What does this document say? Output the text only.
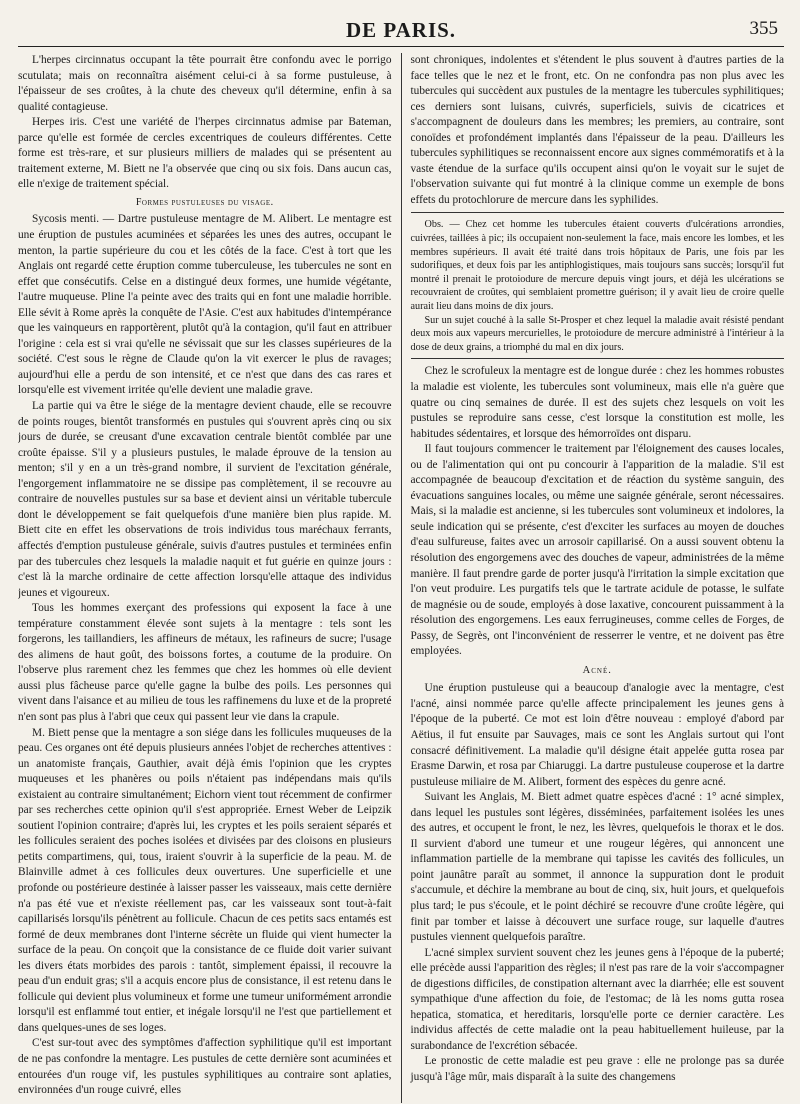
DE PARIS.	355

L'herpes circinnatus occupant la tête pourrait être confondu avec le porrigo scutulata; mais on reconnaîtra aisément celui-ci à sa forme pustuleuse, à l'épaisseur de ses croûtes, à la chute des cheveux qu'il détermine, enfin à sa qualité contagieuse.

Herpes iris. C'est une variété de l'herpes circinnatus admise par Bateman, parce qu'elle est formée de cercles excentriques de couleurs différentes. Cette forme est très-rare, et sur plusieurs milliers de malades qui se présentent au traitement externe, M. Biett ne l'a observée que cinq ou six fois. Dans aucun cas, elle n'exige de traitement spécial.

Formes pustuleuses du visage.

Sycosis menti. — Dartre pustuleuse mentagre de M. Alibert. Le mentagre est une éruption de pustules acuminées et séparées les unes des autres, occupant le menton, la partie supérieure du cou et les côtés de la face. C'est à tort que les Anglais ont regardé cette éruption comme tuberculeuse, les tubercules ne sont en effet que consécutifs. Celse en a distingué deux formes, une humide végétante, l'autre muqueuse. Pline l'a peinte avec des traits qui en font une maladie horrible. Elle sévit à Rome après la conquête de l'Asie. C'est aux habitudes d'intempérance que les vainqueurs en rapportèrent, plutôt qu'à la contagion, qu'il faut en attribuer l'origine : cela est si vrai qu'elle ne sévissait que sur les classes supérieures de la société. C'est sous le règne de Claude qu'on la vit exercer le plus de ravages; aujourd'hui elle a perdu de son intensité, et ce n'est que dans des cas rares et lorsqu'elle est vivement irritée qu'elle devient une maladie grave.

La partie qui va être le siége de la mentagre devient chaude, elle se recouvre de points rouges, bientôt transformés en pustules qui s'ouvrent après cinq ou six jours de durée, se creusant d'une excavation centrale bientôt comblée par une croûte épaisse. S'il y a plusieurs pustules, le malade éprouve de la tension au menton; s'il y en a un très-grand nombre, il survient de l'excitation générale, l'engorgement inflammatoire ne se dissipe pas complètement, il se recouvre au contraire de nouvelles pustules sur sa base et devient ainsi un véritable tubercule dont le développement se fait quelquefois d'une manière bien plus rapide. M. Biett cite en effet les observations de trois individus tous maréchaux ferrants, affectés d'emption pustuleuse générale, suivis d'autres pustules et terminées enfin par des tubercules chez lesquels la maladie naquit et fut guérie en quinze jours : c'est là la marche ordinaire de cette affection lorsqu'elle attaque des individus jeunes et vigoureux.

Tous les hommes exerçant des professions qui exposent la face à une température constamment élevée sont sujets à la mentagre : tels sont les forgerons, les taillandiers, les affineurs de métaux, les rafineurs de sucre; l'usage des alimens de haut goût, des boissons fortes, a coutume de la produire. On l'observe plus rarement chez les femmes que chez les hommes où elle devient aussi plus fâcheuse parce qu'elle gagne la bulbe des poils. Les personnes qui vivent dans l'aisance et au milieu de tous les raffinemens du luxe et de la propreté n'en sont pas plus à l'abri que ceux qui passent leur vie dans la crapule.

M. Biett pense que la mentagre a son siége dans les follicules muqueuses de la peau. Ces organes ont été depuis plusieurs années l'objet de recherches attentives : un anatomiste français, Gauthier, avait déjà émis l'opinion que les cryptes muqueuses et les phanères ou poils n'étaient pas indépendans mais qu'ils existaient au contraire simultanément; Eichorn vient tout récemment de confirmer par ses recherches cette opinion qu'il s'est appropriée. Ernest Weber de Leipzik soutient l'opinion contraire; d'après lui, les cryptes et les poils seraient séparés et les follicules seraient des poches isolées et divisées par des cloisons en plusieurs petits compartimens, qui, tous, iraient s'ouvrir à la superficie de la peau. M. de Blainville admet à ces follicules deux ouvertures. Une superficielle et une profonde ou postérieure destinée à laisser passer les vaisseaux, mais cette dernière n'a pas été vue et n'existe réellement pas, car les vaisseaux sont tout-à-fait capillarisés lorsqu'ils pénètrent au follicule. Chacun de ces petits sacs entamés est formé de deux membranes dont l'interne sécrète un fluide qui vient humecter la surface de la peau. On conçoit que la consistance de ce fluide doit varier suivant les divers états morbides des parois : tantôt, simplement épaissi, il recouvre la peau d'un enduit gras; s'il a acquis encore plus de consistance, il est retenu dans le follicule qui devient plus volumineux et forme une tumeur uniformément arrondie lorsqu'il est enflammé tout entier, et inégale lorsqu'il ne l'est que partiellement et dans quelques-unes de ses loges.

C'est sur-tout avec des symptômes d'affection syphilitique qu'il est important de ne pas confondre la mentagre. Les pustules de cette dernière sont acuminées et entourées d'un rouge vif, les pustules syphilitiques au contraire sont aplaties, environnées d'un rouge cuivré, elles

sont chroniques, indolentes et s'étendent le plus souvent à d'autres parties de la face telles que le nez et le front, etc. On ne confondra pas non plus avec les tubercules qui succèdent aux pustules de la mentagre les tubercules syphilitiques; ces derniers sont luisans, cuivrés, superficiels, suivis de cicatrices et s'accompagnent de douleurs dans les membres; les premiers, au contraire, sont conoïdes et profondément implantés dans l'épaisseur de la peau. D'ailleurs les tubercules syphilitiques se reconnaissent encore aux signes commémoratifs et à la vaste étendue de la surface qu'ils occupent ainsi qu'on le voyait sur le sujet de l'observation suivante qui fut montré à la clinique comme un exemple de bons effets du protochlorure de mercure dans les syphilides.

Obs. — Chez cet homme les tubercules étaient couverts d'ulcérations arrondies, cuivrées, taillées à pic; ils occupaient non-seulement la face, mais encore les lombes, et les membres supérieurs. Il avait été traité dans trois hôpitaux de Paris, une fois par les sudorifiques, et deux fois par les antiphlogistiques, mais toujours sans succès; lorsqu'il fut montré il prenait le protoiodure de mercure depuis vingt jours, et déjà les ulcérations se recouvraient de croûtes, qui semblaient promettre guérison; il y avait lieu de croire quelle aurait lieu dans moins de dix jours.

Sur un sujet couché à la salle St-Prosper et chez lequel la maladie avait résisté pendant deux mois aux vapeurs mercurielles, le protoiodure de mercure administré à l'intérieur à la dose de deux grains, a triomphé du mal en dix jours.

Chez le scrofuleux la mentagre est de longue durée : chez les hommes robustes la maladie est violente, les tubercules sont volumineux, mais elle n'a guère que quatre ou cinq semaines de durée. Il est des sujets chez lesquels on voit les pustules se reproduire sans cesse, c'est lorsque la constitution est molle, les habitudes sédentaires, et lorsque des hémorroïdes ont disparu.

Il faut toujours commencer le traitement par l'éloignement des causes locales, ou de l'alimentation qui ont pu concourir à l'apparition de la maladie. S'il est accompagnée de beaucoup d'excitation et de réaction du système sanguin, des évacuations sanguines locales, ou même une saignée générale, seront nécessaires. Mais, si la maladie est ancienne, si les tubercules sont volumineux et indolores, la seule indication qui se présente, c'est d'exciter les surfaces au moyen de douches d'eau sulfureuse, faites avec un arrosoir capillarisé. On a aussi souvent obtenu la résolution des engorgemens avec des douches de vapeur, administrées de la même manière. Il faut prendre garde de porter jusqu'à l'irritation la simple excitation que l'on veut produire. Les purgatifs tels que le tartrate acidule de potasse, le sulfate de magnésie ou de soude, employés à dose laxative, concourent puissamment à la résolution des engorgemens. Les eaux ferrugineuses, comme celles de Forges, de Passy, de Segrès, ont l'inconvénient de resserrer le ventre, et ne doivent pas être employées.

Acné.

Une éruption pustuleuse qui a beaucoup d'analogie avec la mentagre, c'est l'acné, ainsi nommée parce qu'elle affecte principalement les jeunes gens à l'époque de la puberté. Ce mot est loin d'être nouveau : employé d'abord par Aëtius, il fut ensuite par Sauvages, mais ce sont les Anglais surtout qui l'ont consacré définitivement. La maladie qu'il désigne était appelée gutta rosea par Erasme Darwin, et rosa par Chiaruggi. La dartre pustuleuse couperose et la dartre pustuleuse miliaire de M. Alibert, forment des espèces du genre acné.

Suivant les Anglais, M. Biett admet quatre espèces d'acné : 1° acné simplex, dans lequel les pustules sont légères, disséminées, parfaitement isolées les unes des autres, et occupent le front, le nez, les lèvres, quelquefois le thorax et le dos. Il survient d'abord une tumeur et une rougeur légères, qui annoncent une inflammation partielle de la membrane qui tapisse les cavités des follicules, un point jaunâtre paraît au sommet, il annonce la suppuration dont le produit s'accumule, et déchire la membrane au bout de cinq, six, huit jours, et quelquefois plus tard; le pus s'écoule, et le point déchiré se recouvre d'une croûte légère, qui finit par tomber et laisse à découvert une surface rouge, sur laquelle d'autres pustules viennent quelquefois paraître.

L'acné simplex survient souvent chez les jeunes gens à l'époque de la puberté; elle précède aussi l'apparition des règles; il n'est pas rare de la voir s'accompagner de digestions difficiles, de constipation alternant avec la diarrhée; elle est souvent sympathique d'une affection du foie, de l'estomac; de là les noms gutta rosea hepatica, stomatica, et hereditaris, lorsqu'elle porte ce dernier caractère. Les individus affectés de cette maladie ont la peau habituellement huileuse, par la surabondance de l'excrétion sébacée.

Le pronostic de cette maladie est peu grave : elle ne prolonge pas sa durée jusqu'à l'âge mûr, mais disparaît à la suite des changemens
